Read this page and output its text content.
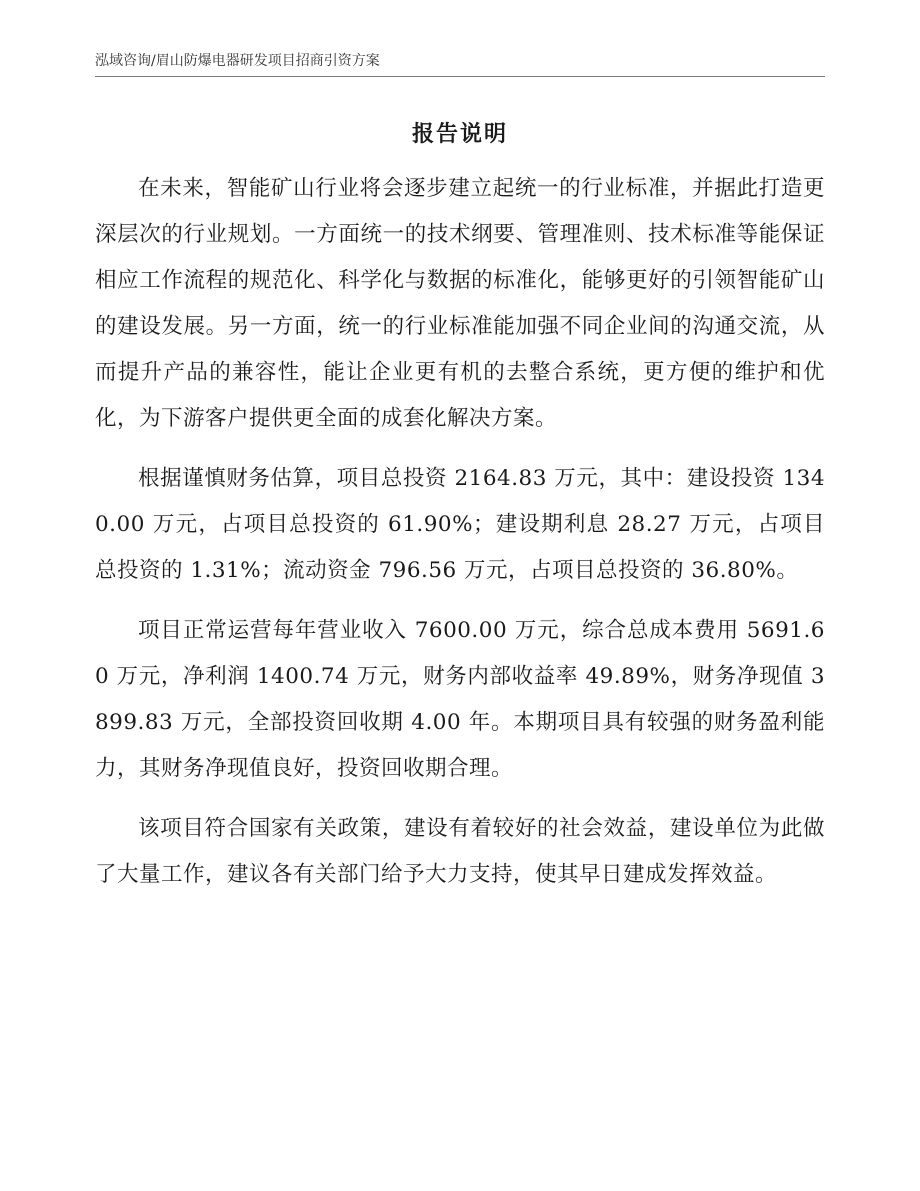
泓域咨询/眉山防爆电器研发项目招商引资方案
报告说明

在未来，智能矿山行业将会逐步建立起统一的行业标准，并据此打造更深层次的行业规划。一方面统一的技术纲要、管理准则、技术标准等能保证相应工作流程的规范化、科学化与数据的标准化，能够更好的引领智能矿山的建设发展。另一方面，统一的行业标准能加强不同企业间的沟通交流，从而提升产品的兼容性，能让企业更有机的去整合系统，更方便的维护和优化，为下游客户提供更全面的成套化解决方案。

根据谨慎财务估算，项目总投资 2164.83 万元，其中：建设投资 1340.00 万元，占项目总投资的 61.90%；建设期利息 28.27 万元，占项目总投资的 1.31%；流动资金 796.56 万元，占项目总投资的 36.80%。

项目正常运营每年营业收入 7600.00 万元，综合总成本费用 5691.60 万元，净利润 1400.74 万元，财务内部收益率 49.89%，财务净现值 3899.83 万元，全部投资回收期 4.00 年。本期项目具有较强的财务盈利能力，其财务净现值良好，投资回收期合理。

该项目符合国家有关政策，建设有着较好的社会效益，建设单位为此做了大量工作，建议各有关部门给予大力支持，使其早日建成发挥效益。
